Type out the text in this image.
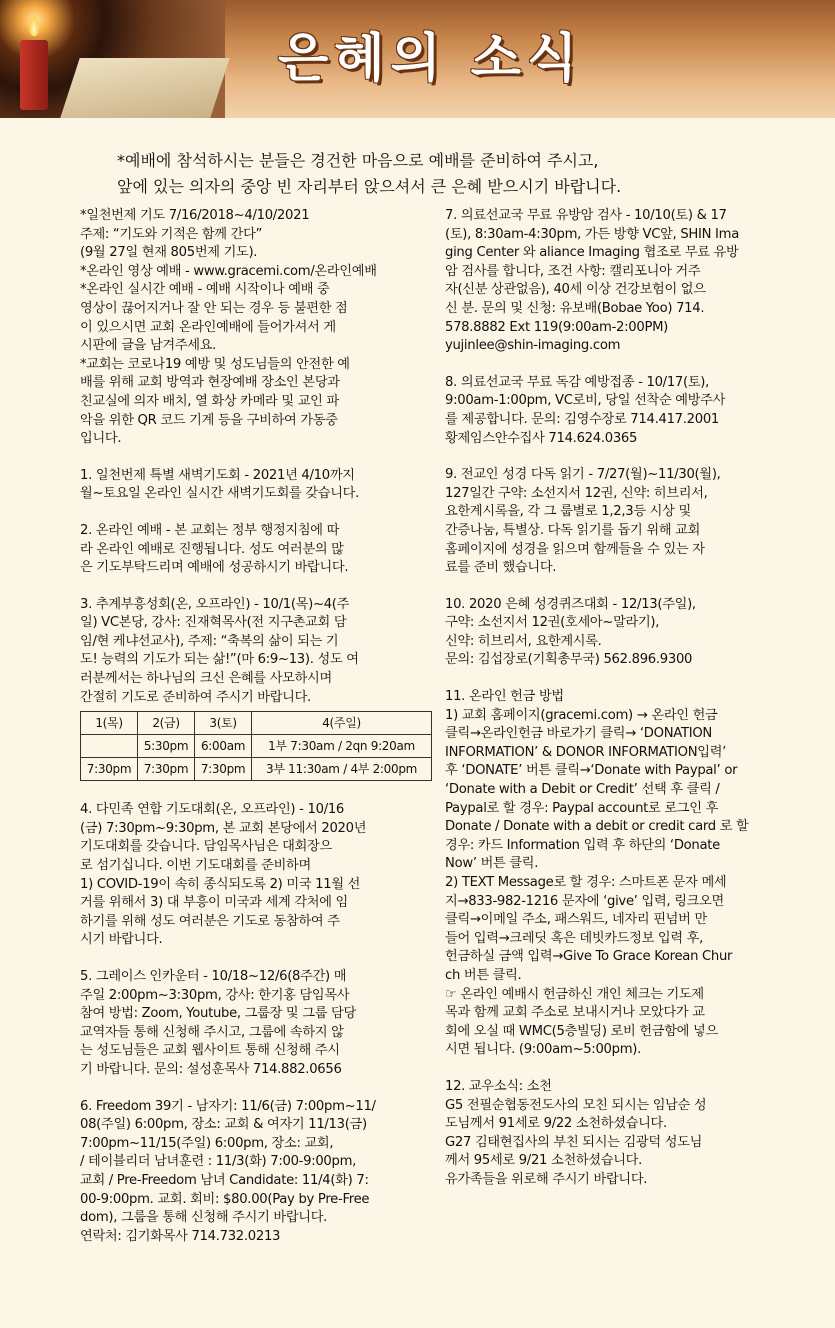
은혜의 소식
*예배에 참석하시는 분들은 경건한 마음으로 예배를 준비하여 주시고,
앞에 있는 의자의 중앙 빈 자리부터 앉으셔서 큰 은혜 받으시기 바랍니다.
*일천번제 기도 7/16/2018~4/10/2021
주제: “기도와 기적은 함께 간다”
(9월 27일 현재 805번제 기도).
*온라인 영상 예배 - www.gracemi.com/온라인예배
*온라인 실시간 예배 - 예배 시작이나 예배 중
영상이 끊어지거나 잘 안 되는 경우 등 불편한 점
이 있으시면 교회 온라인예배에 들어가셔서 게
시판에 글을 남겨주세요.
*교회는 코로나19 예방 및 성도님들의 안전한 예
배를 위해 교회 방역과 현장예배 장소인 본당과
친교실에 의자 배치, 열 화상 카메라 및 교인 파
악을 위한 QR 코드 기계 등을 구비하여 가동중
입니다.
1. 일천번제 특별 새벽기도회 - 2021년 4/10까지
월~토요일 온라인 실시간 새벽기도회를 갖습니다.
2. 온라인 예배 - 본 교회는 정부 행정지침에 따
라 온라인 예배로 진행됩니다. 성도 여러분의 많
은 기도부탁드리며 예배에 성공하시기 바랍니다.
3. 추계부흥성회(온, 오프라인) - 10/1(목)~4(주
일) VC본당, 강사: 진재혁목사(전 지구촌교회 담
임/현 케냐선교사), 주제: “축복의 삶이 되는 기
도! 능력의 기도가 되는 삶!”(마 6:9~13). 성도 여
러분께서는 하나님의 크신 은혜를 사모하시며
간절히 기도로 준비하여 주시기 바랍니다.
1(목)	2(금)	3(토)	4(주일)
	5:30pm	6:00am	1부 7:30am / 2qn 9:20am
7:30pm	7:30pm	7:30pm	3부 11:30am / 4부 2:00pm
4. 다민족 연합 기도대회(온, 오프라인) - 10/16
(금) 7:30pm~9:30pm, 본 교회 본당에서 2020년
기도대회를 갖습니다. 담임목사님은 대회장으
로 섬기십니다. 이번 기도대회를 준비하며
1) COVID-19이 속히 종식되도록 2) 미국 11월 선
거를 위해서 3) 대 부흥이 미국과 세계 각처에 임
하기를 위해 성도 여러분은 기도로 동참하여 주
시기 바랍니다.
5. 그레이스 인카운터 - 10/18~12/6(8주간) 매
주일 2:00pm~3:30pm, 강사: 한기홍 담임목사
참여 방법: Zoom, Youtube, 그룹장 및 그룹 담당
교역자들 통해 신청해 주시고, 그룹에 속하지 않
는 성도님들은 교회 웹사이트 통해 신청해 주시
기 바랍니다. 문의: 설성훈목사 714.882.0656
6. Freedom 39기 - 남자기: 11/6(금) 7:00pm~11/
08(주일) 6:00pm, 장소: 교회 & 여자기 11/13(금)
7:00pm~11/15(주일) 6:00pm, 장소: 교회,
/ 테이블리더 남녀훈련 : 11/3(화) 7:00-9:00pm,
교회 / Pre-Freedom 남녀 Candidate: 11/4(화) 7:
00-9:00pm. 교회. 회비: $80.00(Pay by Pre-Free
dom), 그룹을 통해 신청해 주시기 바랍니다.
연락처: 김기화목사 714.732.0213
7. 의료선교국 무료 유방암 검사 - 10/10(토) & 17
(토), 8:30am-4:30pm, 가든 방향 VC앞, SHIN Ima
ging Center 와 aliance Imaging 협조로 무료 유방
암 검사를 합니다, 조건 사항: 캘리포니아 거주
자(신분 상관없음), 40세 이상 건강보험이 없으
신 분. 문의 및 신청: 유보배(Bobae Yoo) 714.
578.8882 Ext 119(9:00am-2:00PM)
yujinlee@shin-imaging.com
8. 의료선교국 무료 독감 예방접종 - 10/17(토),
9:00am-1:00pm, VC로비, 당일 선착순 예방주사
를 제공합니다. 문의: 김영수장로 714.417.2001
황제임스안수집사 714.624.0365
9. 전교인 성경 다독 읽기 - 7/27(월)~11/30(월),
127일간 구약: 소선지서 12권, 신약: 히브리서,
요한계시록을, 각 그 룹별로 1,2,3등 시상 및
간증나눔, 특별상. 다독 읽기를 돕기 위해 교회
홈페이지에 성경을 읽으며 함께들을 수 있는 자
료를 준비 했습니다.
10. 2020 은혜 성경퀴즈대회 - 12/13(주일),
구약: 소선지서 12권(호세아~말라기),
신약: 히브리서, 요한계시록.
문의: 김섭장로(기획총무국) 562.896.9300
11. 온라인 헌금 방법
1) 교회 홈페이지(gracemi.com) → 온라인 헌금
클릭→온라인헌금 바로가기 클릭→ ‘DONATION
INFORMATION’ & DONOR INFORMATION입력’
후 ‘DONATE’ 버튼 클릭→‘Donate with Paypal’ or
‘Donate with a Debit or Credit’ 선택 후 클릭 /
Paypal로 할 경우: Paypal account로 로그인 후
Donate / Donate with a debit or credit card 로 할
경우: 카드 Information 입력 후 하단의 ‘Donate
Now’ 버튼 클릭.
2) TEXT Message로 할 경우: 스마트폰 문자 메세
지→833-982-1216 문자에 ‘give’ 입력, 링크오면
클릭→이메일 주소, 패스워드, 네자리 핀넘버 만
들어 입력→크레딧 혹은 데빗카드정보 입력 후,
헌금하실 금액 입력→Give To Grace Korean Chur
ch 버튼 클릭.
☞ 온라인 예배시 헌금하신 개인 체크는 기도제
목과 함께 교회 주소로 보내시거나 모았다가 교
회에 오실 때 WMC(5층빌딩) 로비 헌금함에 넣으
시면 됩니다. (9:00am~5:00pm).
12. 교우소식: 소천
G5 전필순협동전도사의 모친 되시는 임남순 성
도님께서 91세로 9/22 소천하셨습니다.
G27 김태현집사의 부친 되시는 김광덕 성도님
께서 95세로 9/21 소천하셨습니다.
유가족들을 위로해 주시기 바랍니다.
